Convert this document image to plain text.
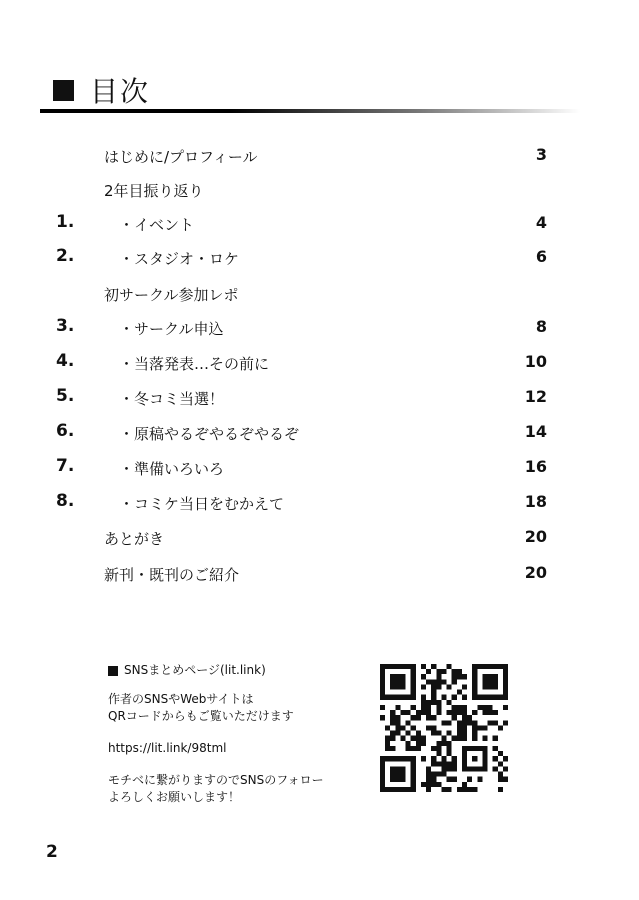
目次
はじめに/プロフィール	3
2年目振り返り
1.	・イベント	4
2.	・スタジオ・ロケ	6
初サークル参加レポ
3.	・サークル申込	8
4.	・当落発表…その前に	10
5.	・冬コミ当選！	12
6.	・原稿やるぞやるぞやるぞ	14
7.	・準備いろいろ	16
8.	・コミケ当日をむかえて	18
あとがき	20
新刊・既刊のご紹介	20
SNSまとめページ(lit.link)
作者のSNSやWebサイトは
QRコードからもご覧いただけます
https://lit.link/98tml
モチベに繋がりますのでSNSのフォロー
よろしくお願いします！
2
